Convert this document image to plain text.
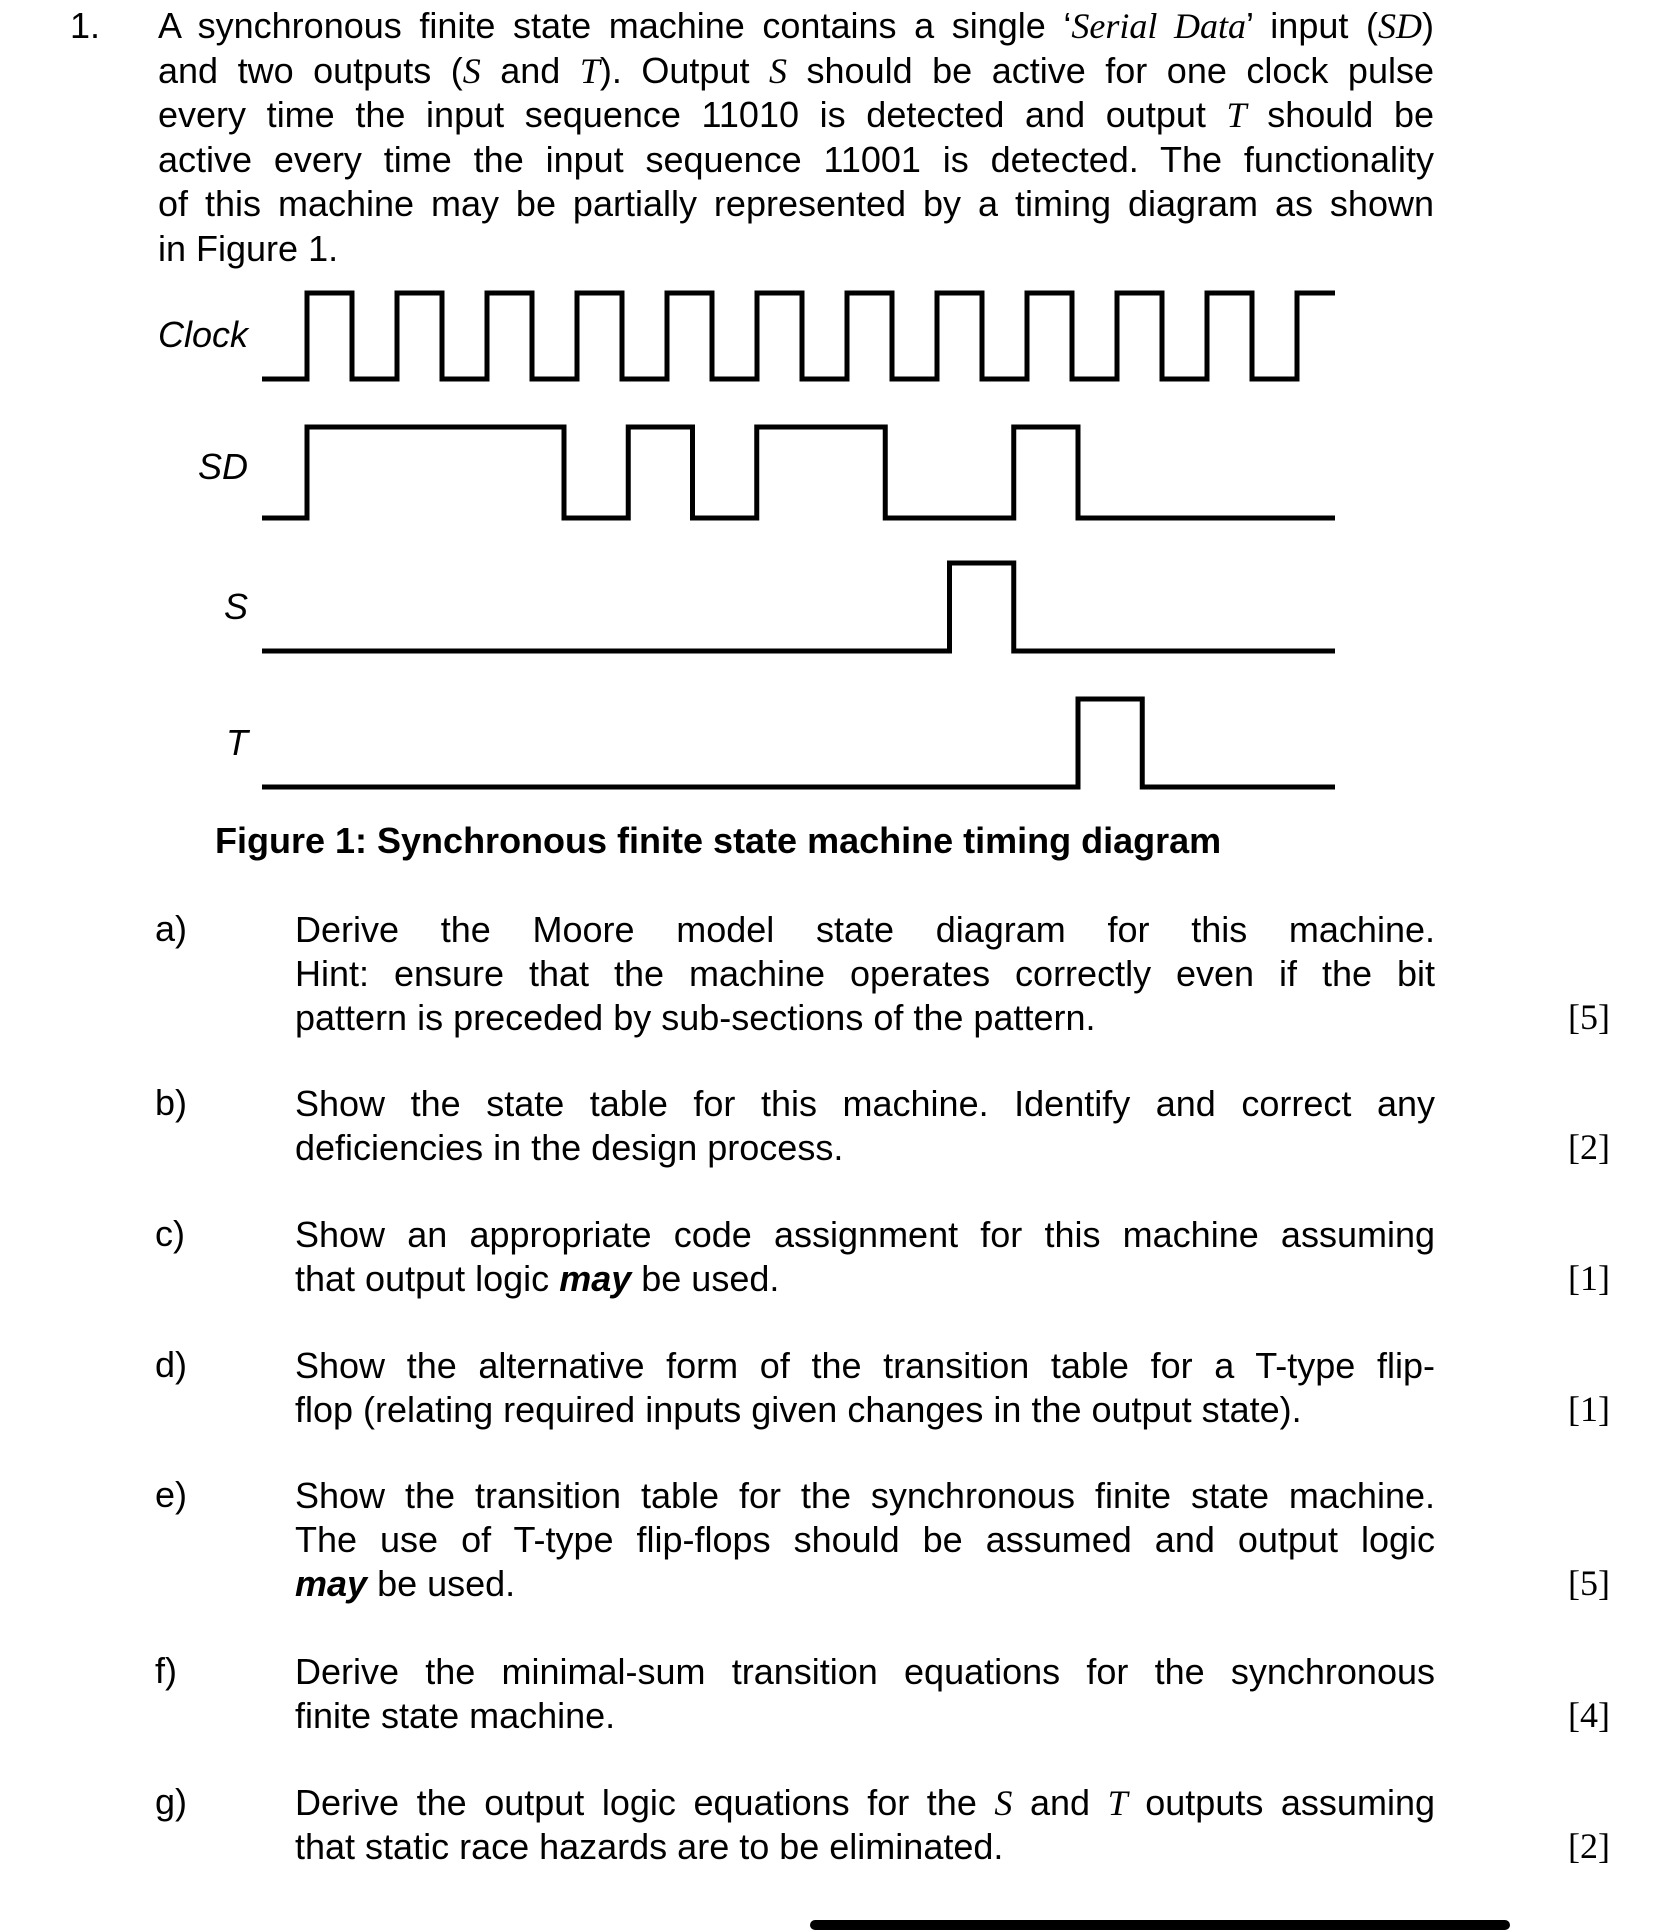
1. A synchronous finite state machine contains a single ‘Serial Data’ input (SD)
and two outputs (S and T). Output S should be active for one clock pulse
every time the input sequence 11010 is detected and output T should be
active every time the input sequence 11001 is detected. The functionality
of this machine may be partially represented by a timing diagram as shown
in Figure 1.
Clock
SD
S
T
Figure 1: Synchronous finite state machine timing diagram
a)	Derive the Moore model state diagram for this machine.
Hint: ensure that the machine operates correctly even if the bit
pattern is preceded by sub-sections of the pattern.	[5]
b)	Show the state table for this machine. Identify and correct any
deficiencies in the design process.	[2]
c)	Show an appropriate code assignment for this machine assuming
that output logic may be used.	[1]
d)	Show the alternative form of the transition table for a T-type flip-
flop (relating required inputs given changes in the output state).	[1]
e)	Show the transition table for the synchronous finite state machine.
The use of T-type flip-flops should be assumed and output logic
may be used.	[5]
f)	Derive the minimal-sum transition equations for the synchronous
finite state machine.	[4]
g)	Derive the output logic equations for the S and T outputs assuming
that static race hazards are to be eliminated.	[2]
